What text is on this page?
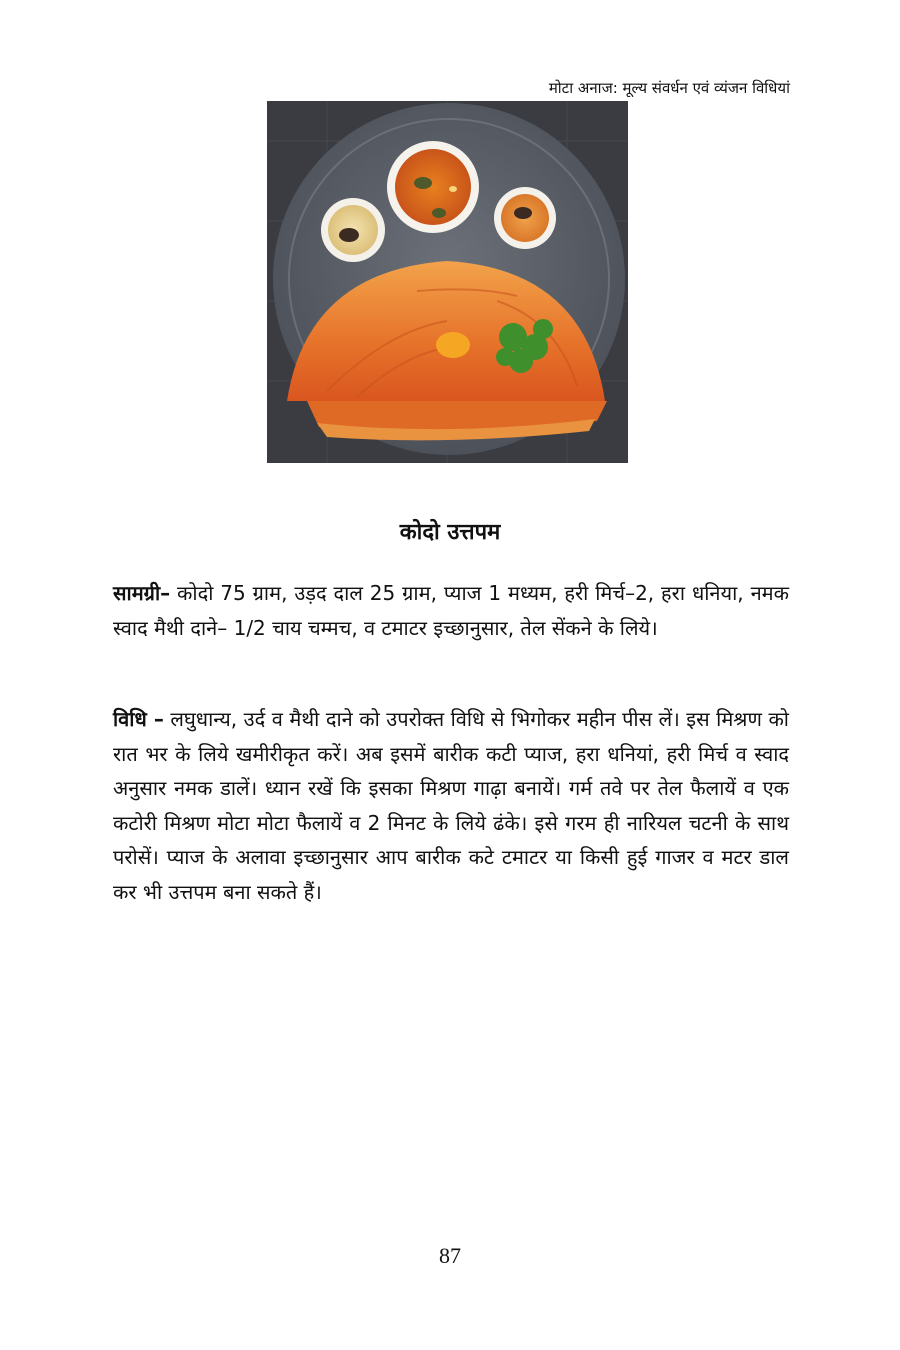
मोटा अनाज: मूल्य संवर्धन एवं व्यंजन विधियां
कोदो उत्तपम

सामग्री– कोदो 75 ग्राम, उड़द दाल 25 ग्राम, प्याज 1 मध्यम, हरी मिर्च–2, हरा धनिया, नमक स्वाद मैथी दाने– 1/2 चाय चम्मच, व टमाटर इच्छानुसार, तेल सेंकने के लिये।

विधि – लघुधान्य, उर्द व मैथी दाने को उपरोक्त विधि से भिगोकर महीन पीस लें। इस मिश्रण को रात भर के लिये खमीरीकृत करें। अब इसमें बारीक कटी प्याज, हरा धनियां, हरी मिर्च व स्वाद अनुसार नमक डालें। ध्यान रखें कि इसका मिश्रण गाढ़ा बनायें। गर्म तवे पर तेल फैलायें व एक कटोरी मिश्रण मोटा मोटा फैलायें व 2 मिनट के लिये ढंके। इसे गरम ही नारियल चटनी के साथ परोसें। प्याज के अलावा इच्छानुसार आप बारीक कटे टमाटर या किसी हुई गाजर व मटर डाल कर भी उत्तपम बना सकते हैं।

87
